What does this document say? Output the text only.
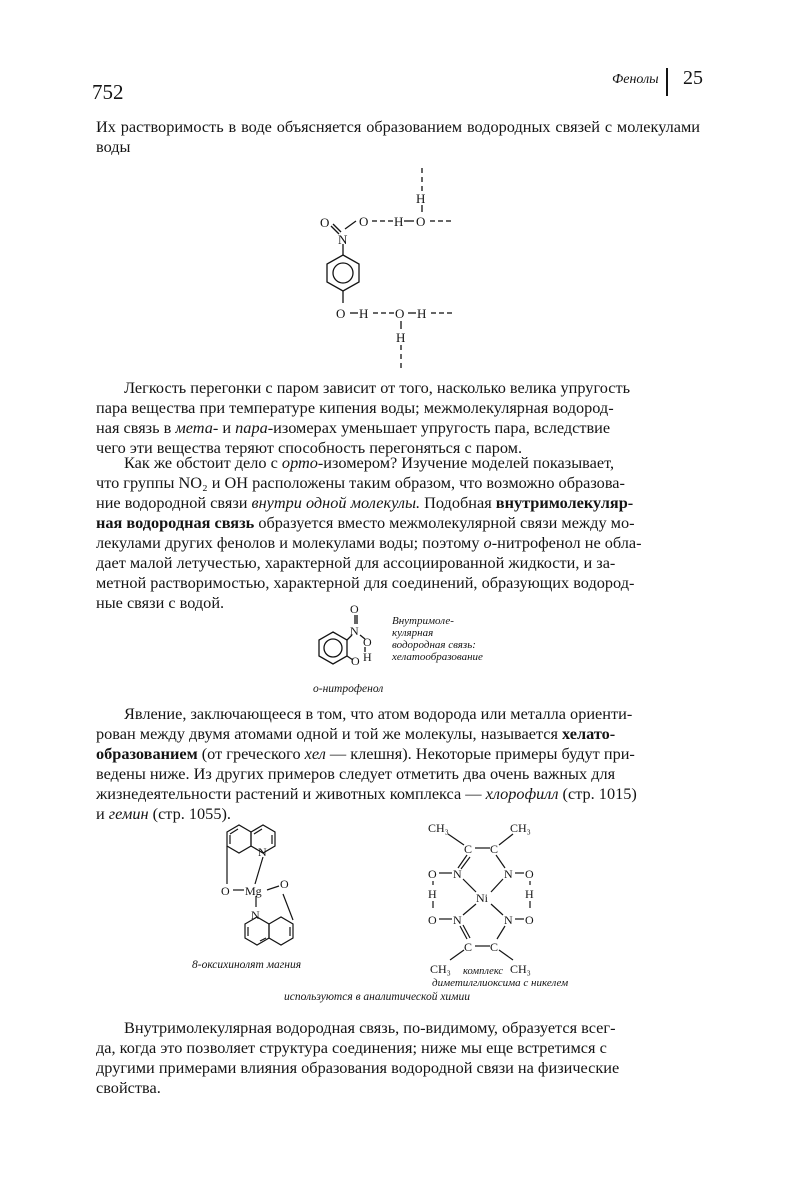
752
Фенолы 25
Их растворимость в воде объясняется образованием водородных связей с молекулами воды
O
N
O
H
O
H
O H O
H
H
Легкость перегонки с паром зависит от того, насколько велика упругость
пара вещества при температуре кипения воды; межмолекулярная водород-
ная связь в мета- и пара-изомерах уменьшает упругость пара, вследствие
чего эти вещества теряют способность перегоняться с паром.
Как же обстоит дело с орто-изомером? Изучение моделей показывает,
что группы NO₂ и OH расположены таким образом, что возможно образова-
ние водородной связи внутри одной молекулы. Подобная внутримолекуляр-
ная водородная связь образуется вместо межмолекулярной связи между мо-
лекулами других фенолов и молекулами воды; поэтому о-нитрофенол не обла-
дает малой летучестью, характерной для ассоциированной жидкости, и за-
метной растворимостью, характерной для соединений, образующих водород-
ные связи с водой.	O
N
O
H
O
Внутримоле-
кулярная
водородная связь:
хелатообразование
о-нитрофенол
Явление, заключающееся в том, что атом водорода или металла ориенти-
рован между двумя атомами одной и той же молекулы, называется хелато-
образованием (от греческого хел — клешня). Некоторые примеры будут при-
ведены ниже. Из других примеров следует отметить два очень важных для
жизнедеятельности растений и животных комплекса — хлорофилл (стр. 1015)
и гемин (стр. 1055).
N
O Mg O
N
8-оксихинолят магния
CH₃	CH₃
C C
O N	N O
H	Ni	H
O N	N O
C C
CH₃	CH₃
комплекс
диметилглиоксима с никелем
используются в аналитической химии
Внутримолекулярная водородная связь, по-видимому, образуется всег-
да, когда это позволяет структура соединения; ниже мы еще встретимся с
другими примерами влияния образования водородной связи на физические
свойства.
